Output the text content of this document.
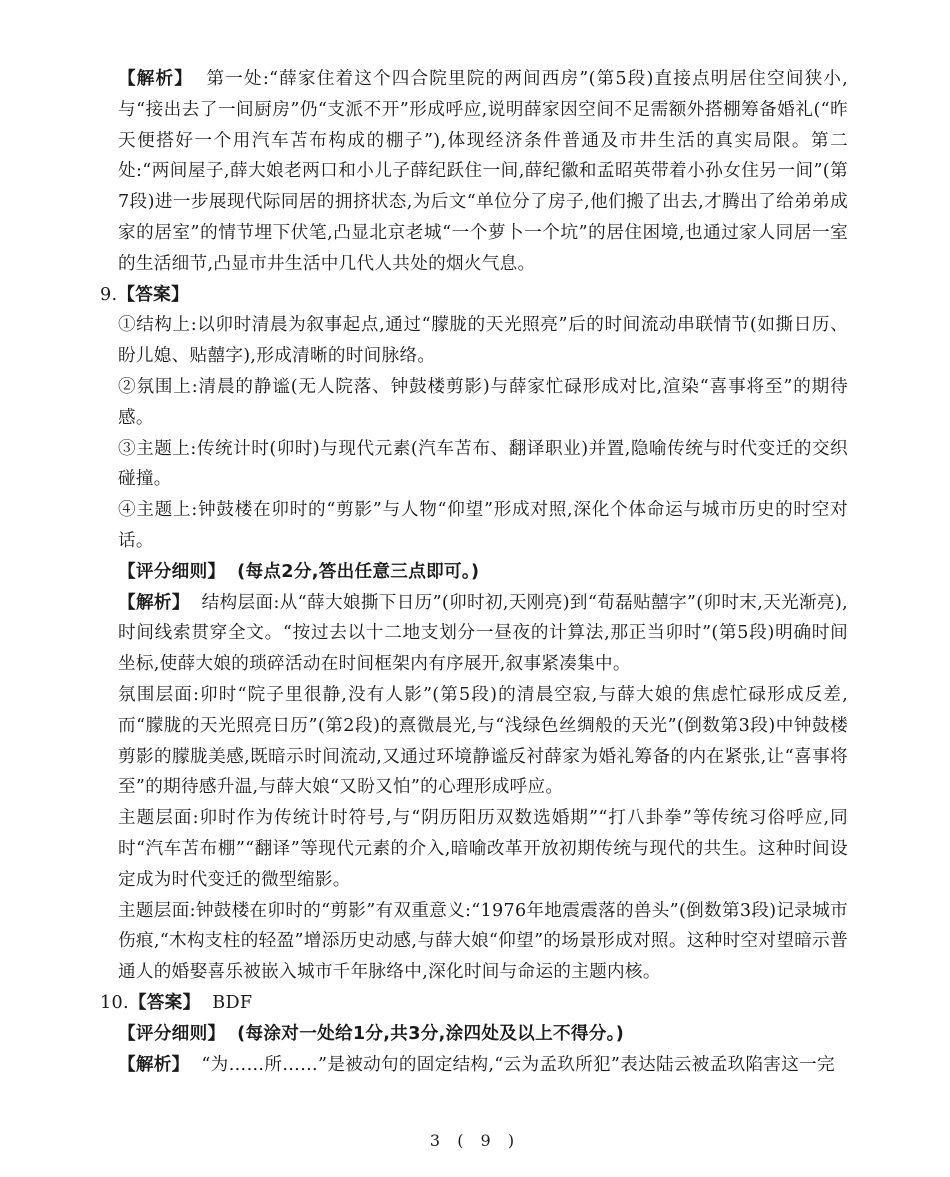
【解析】 第一处:“薛家住着这个四合院里院的两间西房”(第5段)直接点明居住空间狭小,与“接出去了一间厨房”仍“支派不开”形成呼应,说明薛家因空间不足需额外搭棚筹备婚礼(“昨天便搭好一个用汽车苫布构成的棚子”),体现经济条件普通及市井生活的真实局限。第二处:“两间屋子,薛大娘老两口和小儿子薛纪跃住一间,薛纪徽和孟昭英带着小孙女住另一间”(第7段)进一步展现代际同居的拥挤状态,为后文“单位分了房子,他们搬了出去,才腾出了给弟弟成家的居室”的情节埋下伏笔,凸显北京老城“一个萝卜一个坑”的居住困境,也通过家人同居一室的生活细节,凸显市井生活中几代人共处的烟火气息。

9.【答案】

①结构上:以卯时清晨为叙事起点,通过“朦胧的天光照亮”后的时间流动串联情节(如撕日历、盼儿媳、贴囍字),形成清晰的时间脉络。

②氛围上:清晨的静谧(无人院落、钟鼓楼剪影)与薛家忙碌形成对比,渲染“喜事将至”的期待感。

③主题上:传统计时(卯时)与现代元素(汽车苫布、翻译职业)并置,隐喻传统与时代变迁的交织碰撞。

④主题上:钟鼓楼在卯时的“剪影”与人物“仰望”形成对照,深化个体命运与城市历史的时空对话。

【评分细则】 (每点2分,答出任意三点即可。)

【解析】 结构层面:从“薛大娘撕下日历”(卯时初,天刚亮)到“荀磊贴囍字”(卯时末,天光渐亮),时间线索贯穿全文。“按过去以十二地支划分一昼夜的计算法,那正当卯时”(第5段)明确时间坐标,使薛大娘的琐碎活动在时间框架内有序展开,叙事紧凑集中。

氛围层面:卯时“院子里很静,没有人影”(第5段)的清晨空寂,与薛大娘的焦虑忙碌形成反差,而“朦胧的天光照亮日历”(第2段)的熹微晨光,与“浅绿色丝绸般的天光”(倒数第3段)中钟鼓楼剪影的朦胧美感,既暗示时间流动,又通过环境静谧反衬薛家为婚礼筹备的内在紧张,让“喜事将至”的期待感升温,与薛大娘“又盼又怕”的心理形成呼应。

主题层面:卯时作为传统计时符号,与“阴历阳历双数选婚期”“打八卦拳”等传统习俗呼应,同时“汽车苫布棚”“翻译”等现代元素的介入,暗喻改革开放初期传统与现代的共生。这种时间设定成为时代变迁的微型缩影。

主题层面:钟鼓楼在卯时的“剪影”有双重意义:“1976年地震震落的兽头”(倒数第3段)记录城市伤痕,“木构支柱的轻盈”增添历史动感,与薛大娘“仰望”的场景形成对照。这种时空对望暗示普通人的婚娶喜乐被嵌入城市千年脉络中,深化时间与命运的主题内核。

10.【答案】 BDF

【评分细则】 (每涂对一处给1分,共3分,涂四处及以上不得分。)

【解析】 “为……所……”是被动句的固定结构,“云为孟玖所犯”表达陆云被孟玖陷害这一完

3 ( 9 )
